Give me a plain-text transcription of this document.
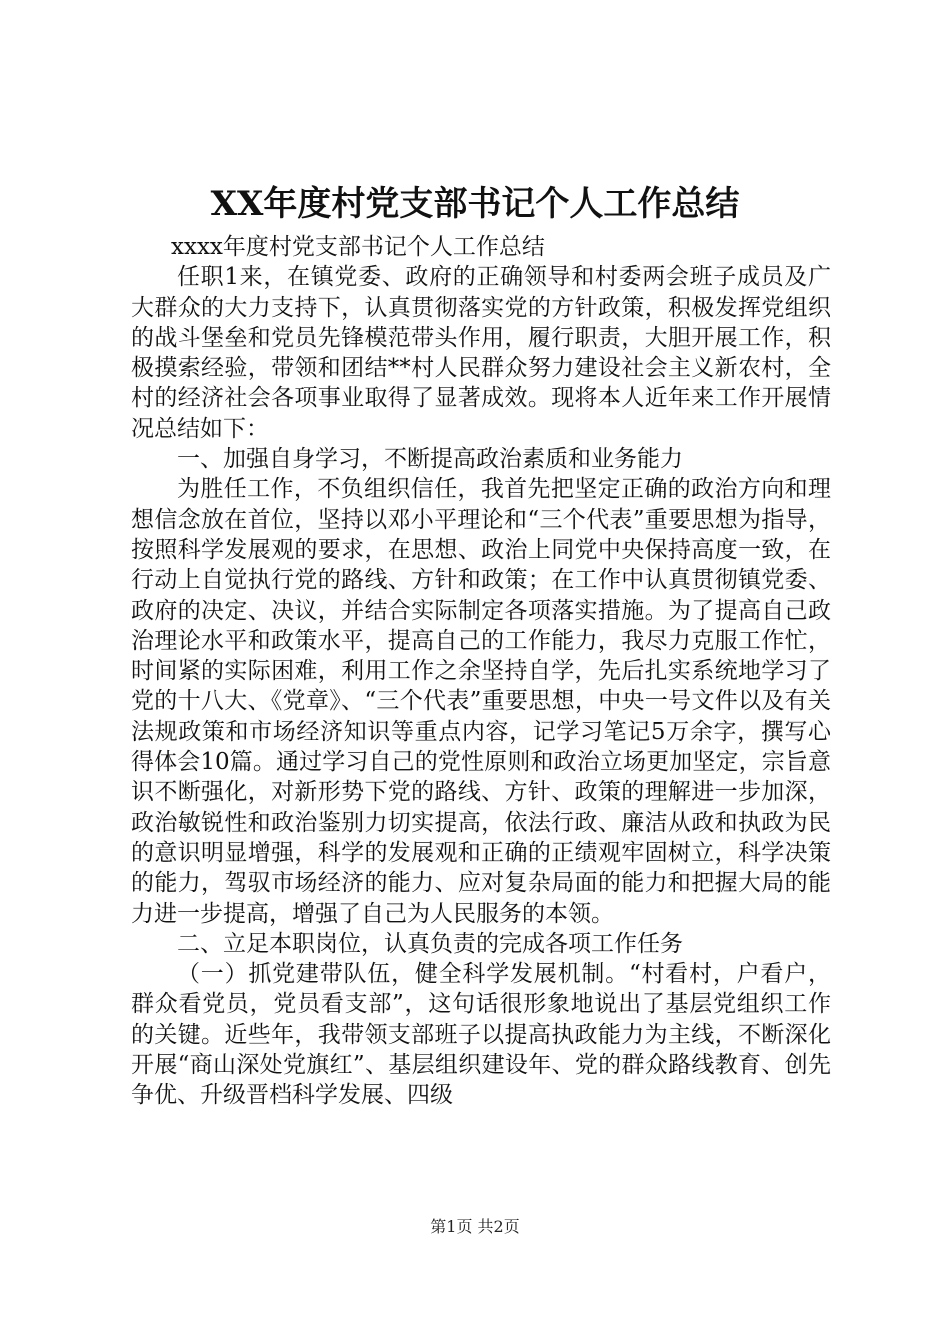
XX年度村党支部书记个人工作总结

xxxx年度村党支部书记个人工作总结

任职1来，在镇党委、政府的正确领导和村委两会班子成员及广大群众的大力支持下，认真贯彻落实党的方针政策，积极发挥党组织的战斗堡垒和党员先锋模范带头作用，履行职责，大胆开展工作，积极摸索经验，带领和团结**村人民群众努力建设社会主义新农村，全村的经济社会各项事业取得了显著成效。现将本人近年来工作开展情况总结如下：

一、加强自身学习，不断提高政治素质和业务能力

为胜任工作，不负组织信任，我首先把坚定正确的政治方向和理想信念放在首位，坚持以邓小平理论和“三个代表”重要思想为指导，按照科学发展观的要求，在思想、政治上同党中央保持高度一致，在行动上自觉执行党的路线、方针和政策；在工作中认真贯彻镇党委、政府的决定、决议，并结合实际制定各项落实措施。为了提高自己政治理论水平和政策水平，提高自己的工作能力，我尽力克服工作忙，时间紧的实际困难，利用工作之余坚持自学，先后扎实系统地学习了党的十八大、《党章》、“三个代表”重要思想，中央一号文件以及有关法规政策和市场经济知识等重点内容，记学习笔记5万余字，撰写心得体会10篇。通过学习自己的党性原则和政治立场更加坚定，宗旨意识不断强化，对新形势下党的路线、方针、政策的理解进一步加深，政治敏锐性和政治鉴别力切实提高，依法行政、廉洁从政和执政为民的意识明显增强，科学的发展观和正确的正绩观牢固树立，科学决策的能力，驾驭市场经济的能力、应对复杂局面的能力和把握大局的能力进一步提高，增强了自己为人民服务的本领。

二、立足本职岗位，认真负责的完成各项工作任务

（一）抓党建带队伍，健全科学发展机制。“村看村，户看户，群众看党员，党员看支部”，这句话很形象地说出了基层党组织工作的关键。近些年，我带领支部班子以提高执政能力为主线，不断深化开展“商山深处党旗红”、基层组织建设年、党的群众路线教育、创先争优、升级晋档科学发展、四级

第1页 共2页
